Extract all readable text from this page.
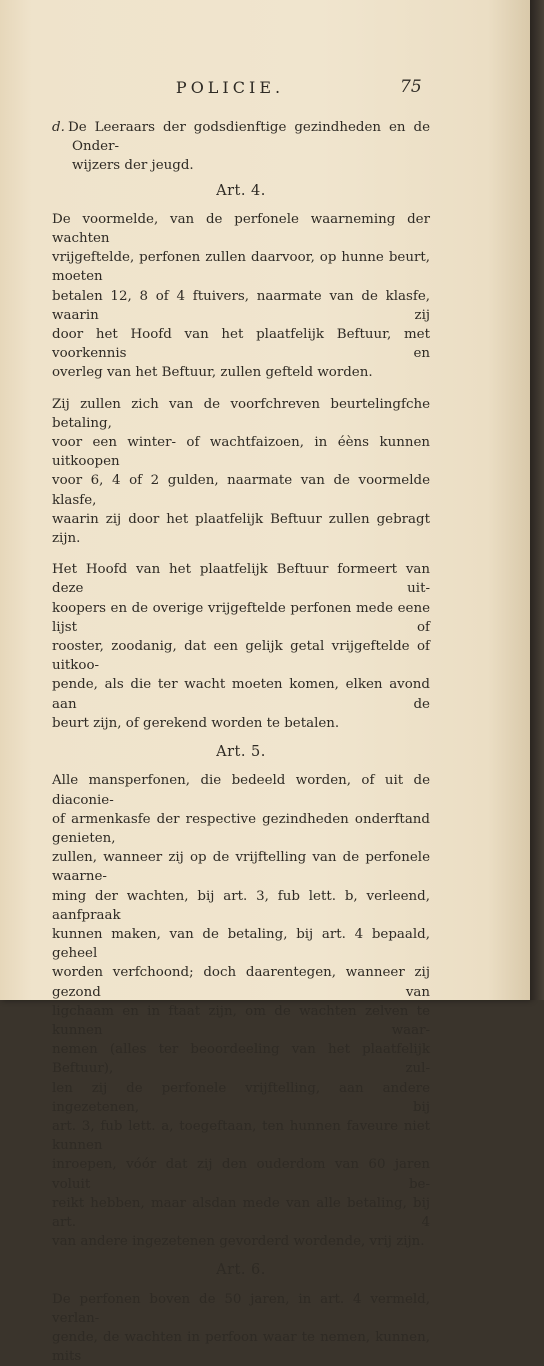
POLICIE.	75

d. De Leeraars der godsdienftige gezindheden en de Onder-
wijzers der jeugd.

Art. 4.

De voormelde, van de perfonele waarneming der wachten
vrijgeftelde, perfonen zullen daarvoor, op hunne beurt, moeten
betalen 12, 8 of 4 ftuivers, naarmate van de klasfe, waarin zij
door het Hoofd van het plaatfelijk Beftuur, met voorkennis en
overleg van het Beftuur, zullen gefteld worden.

Zij zullen zich van de voorfchreven beurtelingfche betaling,
voor een winter- of wachtfaizoen, in éèns kunnen uitkoopen
voor 6, 4 of 2 gulden, naarmate van de voormelde klasfe,
waarin zij door het plaatfelijk Beftuur zullen gebragt zijn.

Het Hoofd van het plaatfelijk Beftuur formeert van deze uit-
koopers en de overige vrijgeftelde perfonen mede eene lijst of
rooster, zoodanig, dat een gelijk getal vrijgeftelde of uitkoo-
pende, als die ter wacht moeten komen, elken avond aan de
beurt zijn, of gerekend worden te betalen.

Art. 5.

Alle mansperfonen, die bedeeld worden, of uit de diaconie-
of armenkasfe der respective gezindheden onderftand genieten,
zullen, wanneer zij op de vrijftelling van de perfonele waarne-
ming der wachten, bij art. 3, fub lett. b, verleend, aanfpraak
kunnen maken, van de betaling, bij art. 4 bepaald, geheel
worden verfchoond; doch daarentegen, wanneer zij gezond van
ligchaam en in ftaat zijn, om de wachten zelven te kunnen waar-
nemen (alles ter beoordeeling van het plaatfelijk Beftuur), zul-
len zij de perfonele vrijftelling, aan andere ingezetenen, bij
art. 3, fub lett. a, toegeftaan, ten hunnen faveure niet kunnen
inroepen, vóór dat zij den ouderdom van 60 jaren voluit be-
reikt hebben, maar alsdan mede van alle betaling, bij art. 4
van andere ingezetenen gevorderd wordende, vrij zijn.

Art. 6.

De perfonen boven de 50 jaren, in art. 4 vermeld, verlan-
gende, de wachten in perfoon waar te nemen, kunnen, mits
